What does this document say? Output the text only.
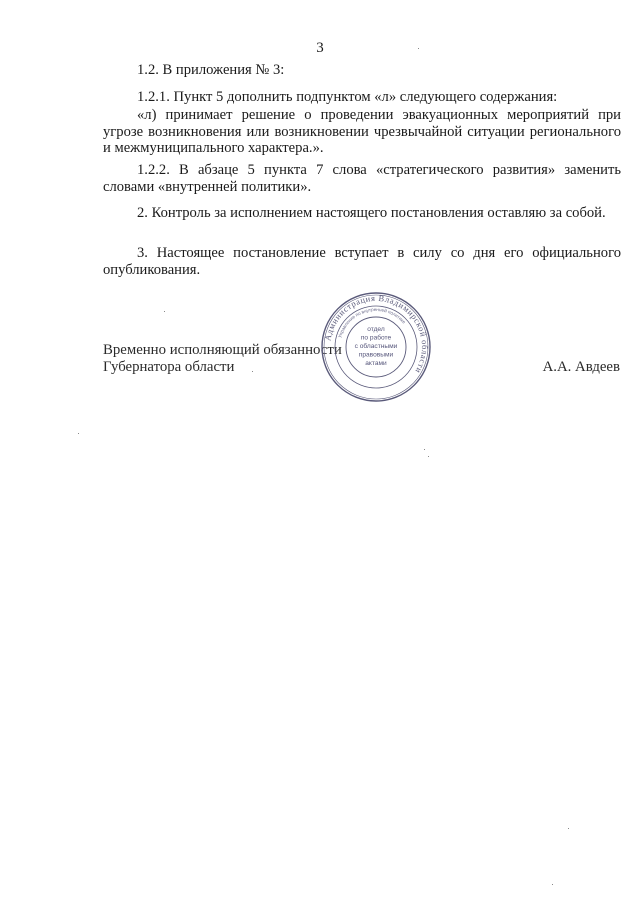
3
1.2. В приложения № 3:
1.2.1. Пункт 5 дополнить подпунктом «л» следующего содержания:
«л) принимает решение о проведении эвакуационных мероприятий при угрозе возникновения или возникновении чрезвычайной ситуации регионального и межмуниципального характера.».
1.2.2. В абзаце 5 пункта 7 слова «стратегического развития» заменить словами «внутренней политики».
2. Контроль за исполнением настоящего постановления оставляю за собой.
3. Настоящее постановление вступает в силу со дня его официального опубликования.
Временно исполняющий обязанности
Губернатора области	А.А. Авдеев
Администрация Владимирской области
Управление по внутренней политике
отдел
по работе
с областными
правовыми
актами
